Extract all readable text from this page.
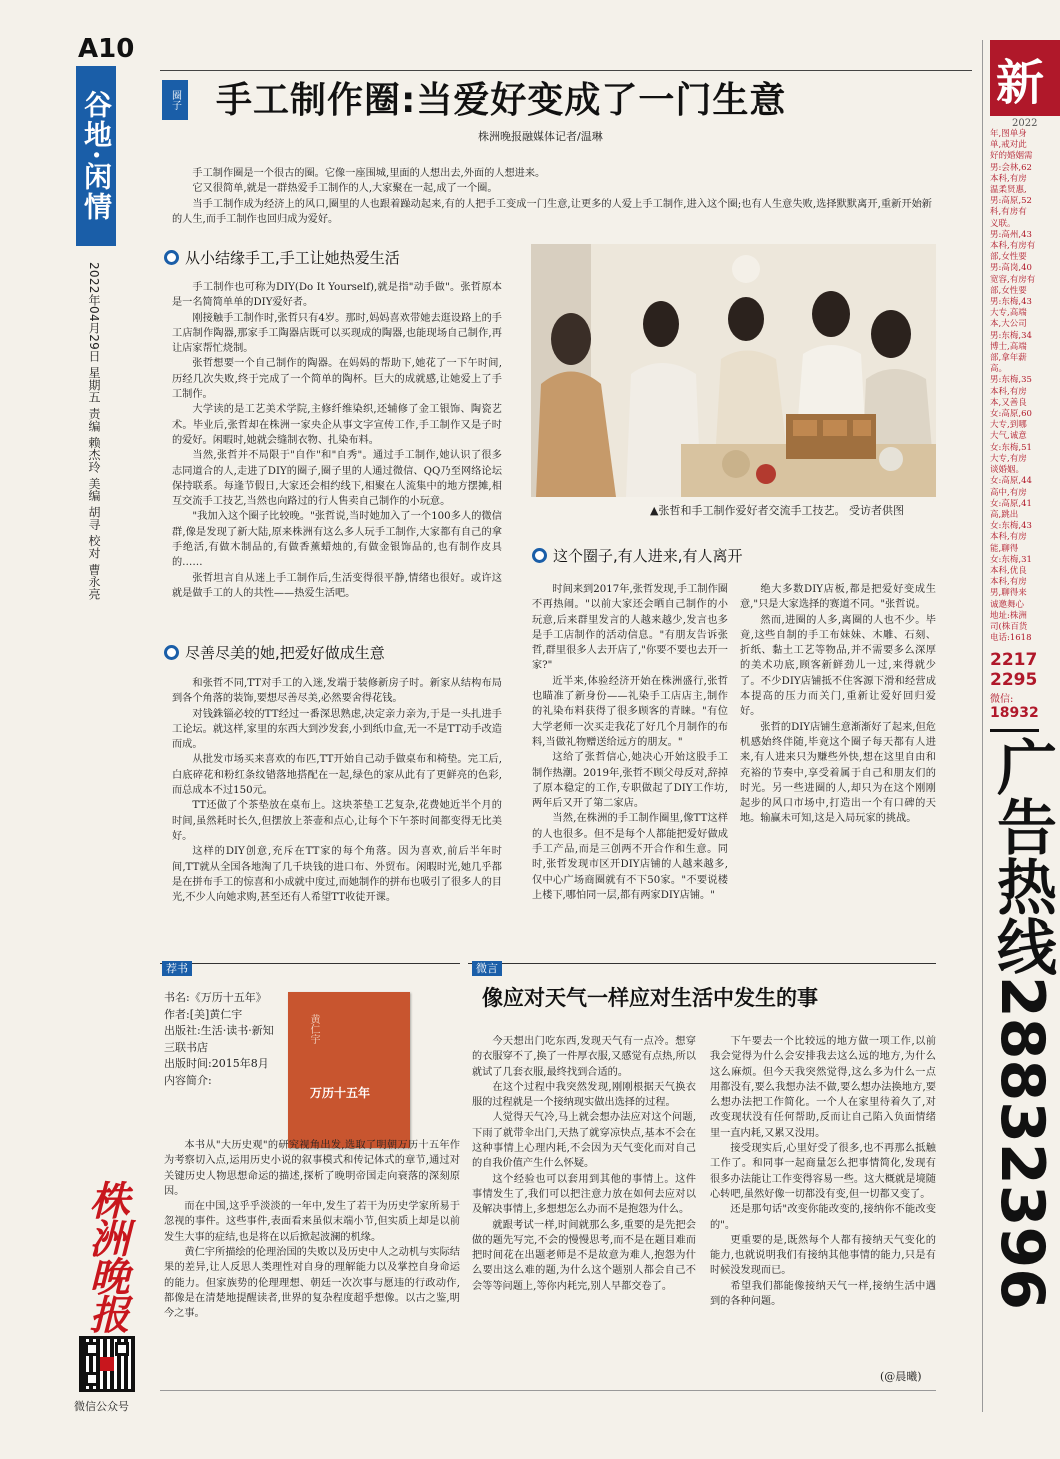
A10
谷地·闲情
2022年04月29日 星期五 责编 赖杰玲 美编 胡寻 校对 曹永亮
株洲晚报
微信公众号
圈子 手工制作圈:当爱好变成了一门生意
株洲晚报融媒体记者/温琳

手工制作圈是一个很古的圈。它像一座围城,里面的人想出去,外面的人想进来。

它又很简单,就是一群热爱手工制作的人,大家聚在一起,成了一个圈。

当手工制作成为经济上的风口,圈里的人也跟着躁动起来,有的人把手工变成一门生意,让更多的人爱上手工制作,进入这个圈;也有人生意失败,选择默默离开,重新开始新的人生,而手工制作也回归成为爱好。

从小结缘手工,手工让她热爱生活

手工制作也可称为DIY(Do It Yourself),就是指"动手做"。张哲原本是一名简简单单的DIY爱好者。

刚接触手工制作时,张哲只有4岁。那时,妈妈喜欢带她去逛设路上的手工店制作陶器,那家手工陶器店既可以买现成的陶器,也能现场自己制作,再让店家帮忙烧制。

张哲想要一个自己制作的陶器。在妈妈的帮助下,她花了一下午时间,历经几次失败,终于完成了一个简单的陶杯。巨大的成就感,让她爱上了手工制作。

大学读的是工艺美术学院,主修纤维染织,还辅修了金工银饰、陶瓷艺术。毕业后,张哲却在株洲一家央企从事文字宣传工作,手工制作又是子时的爱好。闲暇时,她就会缝制衣物、扎染布料。

当然,张哲并不局限于"自作"和"自秀"。通过手工制作,她认识了很多志同道合的人,走进了DIY的圈子,圈子里的人通过微信、QQ乃至网络论坛保持联系。每逢节假日,大家还会相约线下,相聚在人流集中的地方摆摊,相互交流手工技艺,当然也向路过的行人售卖自己制作的小玩意。

"我加入这个圈子比较晚。"张哲说,当时她加入了一个100多人的微信群,像是发现了新大陆,原来株洲有这么多人玩手工制作,大家都有自己的拿手绝活,有做木制品的,有做香薰蜡烛的,有做金银饰品的,也有制作皮具的……

张哲坦言自从迷上手工制作后,生活变得很平静,情绪也很好。或许这就是做手工的人的共性——热爱生活吧。

▲张哲和手工制作爱好者交流手工技艺。 受访者供图
尽善尽美的她,把爱好做成生意

和张哲不同,TT对手工的入迷,发端于装修新房子时。新家从结构布局到各个角落的装饰,要想尽善尽美,必然要舍得花钱。

对钱銖锱必较的TT经过一番深思熟虑,决定亲力亲为,于是一头扎进手工论坛。就这样,家里的东西大到沙发套,小到纸巾盒,无一不是TT动手改造而成。

从批发市场买来喜欢的布匹,TT开始自己动手做桌布和椅垫。完工后,白底碎花和粉红条纹错落地搭配在一起,绿色的家从此有了更鲜亮的色彩,而总成本不过150元。

TT还做了个茶垫放在桌布上。这块茶垫工艺复杂,花费她近半个月的时间,虽然耗时长久,但摆放上茶壶和点心,让每个下午茶时间都变得无比美好。

这样的DIY创意,充斥在TT家的每个角落。因为喜欢,前后半年时间,TT就从全国各地淘了几千块钱的进口布、外贸布。闲暇时光,她几乎都是在拼布手工的惊喜和小成就中度过,而她制作的拼布也吸引了很多人的目光,不少人向她求购,甚至还有人希望TT收徒开课。

这个圈子,有人进来,有人离开

时间来到2017年,张哲发现,手工制作圈不再热闹。"以前大家还会晒自己制作的小玩意,后来群里发言的人越来越少,发言也多是手工店制作的活动信息。"有朋友告诉张哲,群里很多人去开店了,"你要不要也去开一家?"

近半来,体验经济开始在株洲盛行,张哲也瞄准了新身份——礼染手工店店主,制作的礼染布料获得了很多顾客的青睐。"有位大学老师一次买走我花了好几个月制作的布料,当做礼物赠送给远方的朋友。"

这给了张哲信心,她决心开始这股手工制作热潮。2019年,张哲不顾父母反对,辞掉了原本稳定的工作,专职做起了DIY工作坊,两年后又开了第二家店。

当然,在株洲的手工制作圈里,像TT这样的人也很多。但不是每个人都能把爱好做成手工产品,而是三创两不开合作和生意。同时,张哲发现市区开DIY店铺的人越来越多,仅中心广场商圈就有不下50家。"不要说楼上楼下,哪怕同一层,都有两家DIY店铺。"

绝大多数DIY店板,都是把爱好变成生意,"只是大家选择的赛道不同。"张哲说。

然而,进圈的人多,离圈的人也不少。毕竟,这些自制的手工布妹妹、木雕、石刻、折纸、黏土工艺等物品,并不需要多么深厚的美术功底,顾客新鲜劲儿一过,来得就少了。不少DIY店铺抵不住客源下滑和经营成本提高的压力而关门,重新让爱好回归爱好。

张哲的DIY店铺生意渐渐好了起来,但危机感始终伴随,毕竟这个圈子每天都有人进来,有人进来只为赚些外快,想在这里自由和充裕的节奏中,享受着属于自己和朋友们的时光。另一些进圈的人,却只为在这个刚刚起步的风口市场中,打造出一个有口碑的天地。输赢未可知,这是入局玩家的挑战。

荐书
书名:《万历十五年》
作者:[美]黄仁宇
出版社:生活·读书·新知三联书店
出版时间:2015年8月
内容简介:
黄仁宇
万历十五年

本书从"大历史观"的研究视角出发,选取了明朝万历十五年作为考察切入点,运用历史小说的叙事模式和传记体式的章节,通过对关键历史人物思想命运的描述,探析了晚明帝国走向衰落的深刻原因。

而在中国,这乎乎淡淡的一年中,发生了若干为历史学家所易于忽视的事件。这些事件,表面看来虽似末端小节,但实质上却是以前发生大事的症结,也是将在以后掀起波澜的机缘。

黄仁宇所描绘的伦理治国的失败以及历史中人之动机与实际结果的差异,让人反思人类理性对自身的理解能力以及掌控自身命运的能力。但家族势的伦理理想、朝廷一次次事与愿违的行政动作,都像是在清楚地提醒读者,世界的复杂程度超乎想像。以古之鉴,明今之事。

微言
像应对天气一样应对生活中发生的事

今天想出门吃东西,发现天气有一点冷。想穿的衣服穿不了,换了一件厚衣服,又感觉有点热,所以就试了几套衣服,最终找到合适的。

在这个过程中我突然发现,刚刚根据天气换衣服的过程就是一个接纳现实做出选择的过程。

人觉得天气冷,马上就会想办法应对这个问题,下雨了就带伞出门,天热了就穿凉快点,基本不会在这种事情上心理内耗,不会因为天气变化而对自己的自我价值产生什么怀疑。

这个经验也可以套用到其他的事情上。这件事情发生了,我们可以把注意力放在如何去应对以及解决事情上,多想想怎么办而不是抱怨为什么。

就跟考试一样,时间就那么多,重要的是先把会做的题先写完,不会的慢慢思考,而不是在题目难而把时间花在出题老师是不是故意为难人,抱怨为什么要出这么难的题,为什么这个题别人都会自己不会等等问题上,等你内耗完,别人早都交卷了。

下午要去一个比较远的地方做一项工作,以前我会觉得为什么会安排我去这么远的地方,为什么这么麻烦。但今天我突然觉得,这么多为什么一点用都没有,要么我想办法不做,要么想办法换地方,要么想办法把工作简化。一个人在家里待着久了,对改变现状没有任何帮助,反而让自己陷入负面情绪里一直内耗,又累又没用。

接受现实后,心里好受了很多,也不再那么抵触工作了。和同事一起商量怎么把事情简化,发现有很多办法能让工作变得容易一些。这大概就是境随心转吧,虽然好像一切都没有变,但一切都又变了。

还是那句话"改变你能改变的,接纳你不能改变的"。

更重要的是,既然每个人都有接纳天气变化的能力,也就说明我们有接纳其他事情的能力,只是有时候没发现而已。

希望我们都能像接纳天气一样,接纳生活中遇到的各种问题。

(@晨曦)
新
2022
年,图单身
单,戒对此
好的婚姻需
男:会林,62
本科,有房
温柔贤惠,
男:高原,52
科,有房有
义联。
男:高州,43
本科,有房有
部,女性要
男:高岗,40
宽容,有房有
部,女性要
男:东梅,43
大专,高端
本,大公司
男:东梅,34
博士,高端
部,拿年薪
高。
男:东梅,35
本科,有房
本,又善良
女:高原,60
大专,到哪
大气,诚意
女:东梅,51
大专,有房
谈婚姻。
女:高原,44
高中,有房
女:高原,41
高,跳出
女:东梅,43
本科,有房
能,聊得
女:东梅,31
本科,优良
本科,有房
男,聊得来
诚邀舞心
地址:株洲
司(株百货
电话:1618
2217
2295
微信:
18932
广告热线
28832396
